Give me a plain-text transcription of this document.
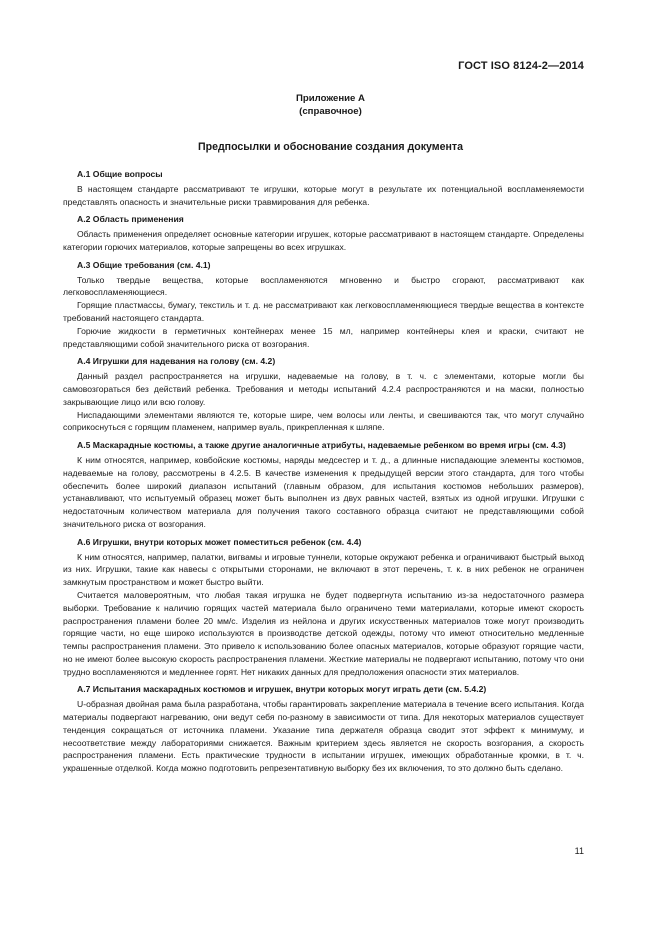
ГОСТ ISO 8124-2—2014
Приложение А
(справочное)
Предпосылки и обоснование создания документа
А.1 Общие вопросы

В настоящем стандарте рассматривают те игрушки, которые могут в результате их потенциальной воспламеняемости представлять опасность и значительные риски травмирования для ребенка.

А.2 Область применения

Область применения определяет основные категории игрушек, которые рассматривают в настоящем стандарте. Определены категории горючих материалов, которые запрещены во всех игрушках.

А.3 Общие требования (см. 4.1)

Только твердые вещества, которые воспламеняются мгновенно и быстро сгорают, рассматривают как легковоспламеняющиеся.

Горящие пластмассы, бумагу, текстиль и т. д. не рассматривают как легковоспламеняющиеся твердые вещества в контексте требований настоящего стандарта.

Горючие жидкости в герметичных контейнерах менее 15 мл, например контейнеры клея и краски, считают не представляющими собой значительного риска от возгорания.

А.4 Игрушки для надевания на голову (см. 4.2)

Данный раздел распространяется на игрушки, надеваемые на голову, в т. ч. с элементами, которые могли бы самовозгораться без действий ребенка. Требования и методы испытаний 4.2.4 распространяются и на маски, полностью закрывающие лицо или всю голову.

Ниспадающими элементами являются те, которые шире, чем волосы или ленты, и свешиваются так, что могут случайно соприкоснуться с горящим пламенем, например вуаль, прикрепленная к шляпе.

А.5 Маскарадные костюмы, а также другие аналогичные атрибуты, надеваемые ребенком во время игры (см. 4.3)

К ним относятся, например, ковбойские костюмы, наряды медсестер и т. д., а длинные ниспадающие элементы костюмов, надеваемые на голову, рассмотрены в 4.2.5. В качестве изменения к предыдущей версии этого стандарта, для того чтобы обеспечить более широкий диапазон испытаний (главным образом, для испытания костюмов небольших размеров), устанавливают, что испытуемый образец может быть выполнен из двух равных частей, взятых из одной игрушки. Игрушки с недостаточным количеством материала для получения такого составного образца считают не представляющими собой значительного риска от возгорания.

А.6 Игрушки, внутри которых может поместиться ребенок (см. 4.4)

К ним относятся, например, палатки, вигвамы и игровые туннели, которые окружают ребенка и ограничивают быстрый выход из них. Игрушки, такие как навесы с открытыми сторонами, не включают в этот перечень, т. к. в них ребенок не ограничен замкнутым пространством и может быстро выйти.

Считается маловероятным, что любая такая игрушка не будет подвергнута испытанию из-за недостаточного размера выборки. Требование к наличию горящих частей материала было ограничено теми материалами, которые имеют скорость распространения пламени более 20 мм/с. Изделия из нейлона и других искусственных материалов тоже могут производить горящие части, но еще широко используются в производстве детской одежды, потому что имеют относительно медленные темпы распространения пламени. Это привело к использованию более опасных материалов, которые образуют горящие части, но не имеют более высокую скорость распространения пламени. Жесткие материалы не подвергают испытанию, потому что они трудно воспламеняются и медленнее горят. Нет никаких данных для предположения опасности этих материалов.

А.7 Испытания маскарадных костюмов и игрушек, внутри которых могут играть дети (см. 5.4.2)

U-образная двойная рама была разработана, чтобы гарантировать закрепление материала в течение всего испытания. Когда материалы подвергают нагреванию, они ведут себя по-разному в зависимости от типа. Для некоторых материалов существует тенденция сокращаться от источника пламени. Указание типа держателя образца сводит этот эффект к минимуму, и несоответствие между лабораториями снижается. Важным критерием здесь является не скорость возгорания, а скорость распространения пламени. Есть практические трудности в испытании игрушек, имеющих обработанные кромки, в т. ч. украшенные отделкой. Когда можно подготовить репрезентативную выборку без их включения, то это должно быть сделано.

11
